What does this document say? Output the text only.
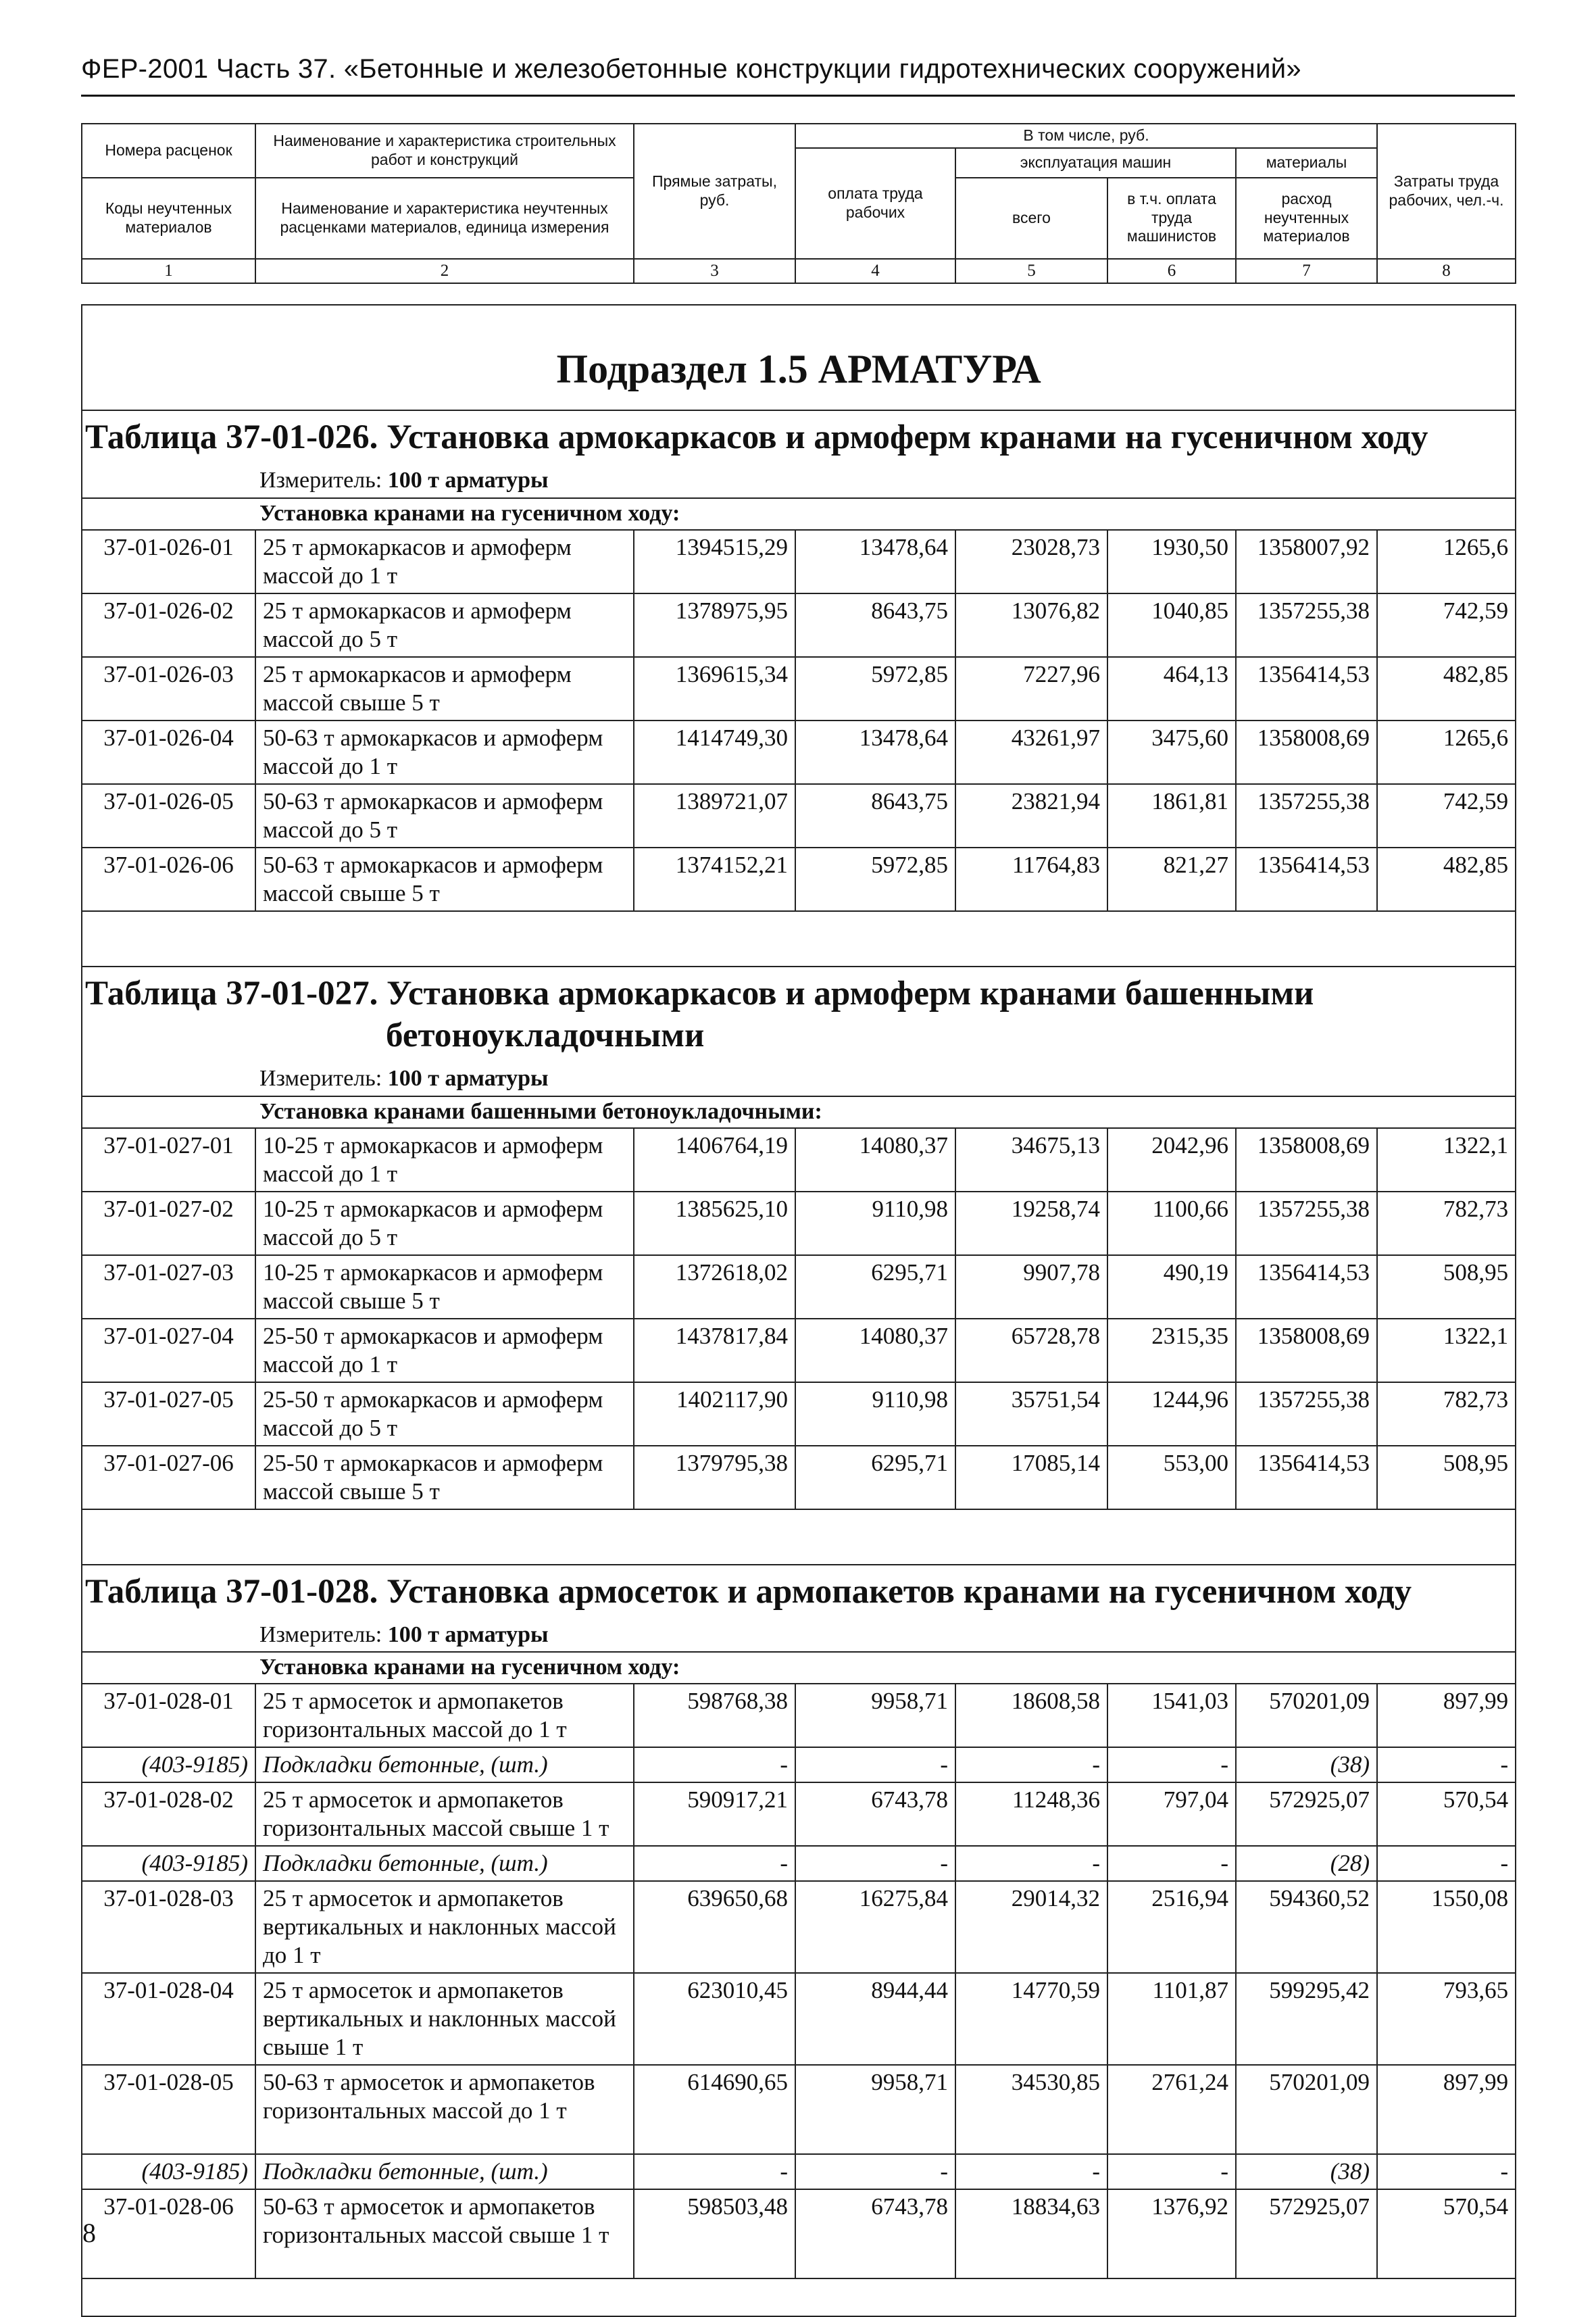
ФЕР-2001 Часть 37. «Бетонные и железобетонные конструкции гидротехнических сооружений»
Номера расценок	Наименование и характеристика строительных работ и конструкций	Прямые затраты, руб.	В том числе, руб.				Затраты труда рабочих, чел.-ч.
			оплата труда рабочих	эксплуатация машин		материалы	
Коды неучтенных материалов	Наименование и характеристика неучтенных расценками материалов, единица измерения			всего	в т.ч. оплата труда машинистов	расход неучтенных материалов	

1	2	3	4	5	6	7	8
Подраздел 1.5 АРМАТУРА							
Таблица 37-01-026. Установка армокаркасов и армоферм кранами на гусеничном ходу							
Измеритель: 100 т арматуры							
Установка кранами на гусеничном ходу:							
37-01-026-01	25 т армокаркасов и армоферм массой до 1 т	1394515,29	13478,64	23028,73	1930,50	1358007,92	1265,6
37-01-026-02	25 т армокаркасов и армоферм массой до 5 т	1378975,95	8643,75	13076,82	1040,85	1357255,38	742,59
37-01-026-03	25 т армокаркасов и армоферм массой свыше 5 т	1369615,34	5972,85	7227,96	464,13	1356414,53	482,85
37-01-026-04	50-63 т армокаркасов и армоферм массой до 1 т	1414749,30	13478,64	43261,97	3475,60	1358008,69	1265,6
37-01-026-05	50-63 т армокаркасов и армоферм массой до 5 т	1389721,07	8643,75	23821,94	1861,81	1357255,38	742,59
37-01-026-06	50-63 т армокаркасов и армоферм массой свыше 5 т	1374152,21	5972,85	11764,83	821,27	1356414,53	482,85

Таблица 37-01-027. Установка армокаркасов и армоферм кранами башенными
бетоноукладочными							

Измеритель: 100 т арматуры							
Установка кранами башенными бетоноукладочными:							
37-01-027-01	10-25 т армокаркасов и армоферм массой до 1 т	1406764,19	14080,37	34675,13	2042,96	1358008,69	1322,1
37-01-027-02	10-25 т армокаркасов и армоферм массой до 5 т	1385625,10	9110,98	19258,74	1100,66	1357255,38	782,73
37-01-027-03	10-25 т армокаркасов и армоферм массой свыше 5 т	1372618,02	6295,71	9907,78	490,19	1356414,53	508,95
37-01-027-04	25-50 т армокаркасов и армоферм массой до 1 т	1437817,84	14080,37	65728,78	2315,35	1358008,69	1322,1
37-01-027-05	25-50 т армокаркасов и армоферм массой до 5 т	1402117,90	9110,98	35751,54	1244,96	1357255,38	782,73
37-01-027-06	25-50 т армокаркасов и армоферм массой свыше 5 т	1379795,38	6295,71	17085,14	553,00	1356414,53	508,95

Таблица 37-01-028. Установка армосеток и армопакетов кранами на гусеничном ходу							
Измеритель: 100 т арматуры							
Установка кранами на гусеничном ходу:							
37-01-028-01	25 т армосеток и армопакетов горизонтальных массой до 1 т	598768,38	9958,71	18608,58	1541,03	570201,09	897,99
(403-9185)	Подкладки бетонные, (шт.)	-	-	-	-	(38)	-
37-01-028-02	25 т армосеток и армопакетов горизонтальных массой свыше 1 т	590917,21	6743,78	11248,36	797,04	572925,07	570,54
(403-9185)	Подкладки бетонные, (шт.)	-	-	-	-	(28)	-
37-01-028-03	25 т армосеток и армопакетов вертикальных и наклонных массой до 1 т	639650,68	16275,84	29014,32	2516,94	594360,52	1550,08
37-01-028-04	25 т армосеток и армопакетов вертикальных и наклонных массой свыше 1 т	623010,45	8944,44	14770,59	1101,87	599295,42	793,65
37-01-028-05	50-63 т армосеток и армопакетов горизонтальных массой до 1 т	614690,65	9958,71	34530,85	2761,24	570201,09	897,99
(403-9185)	Подкладки бетонные, (шт.)	-	-	-	-	(38)	-
37-01-028-06	50-63 т армосеток и армопакетов горизонтальных массой свыше 1 т	598503,48	6743,78	18834,63	1376,92	572925,07	570,54

8
